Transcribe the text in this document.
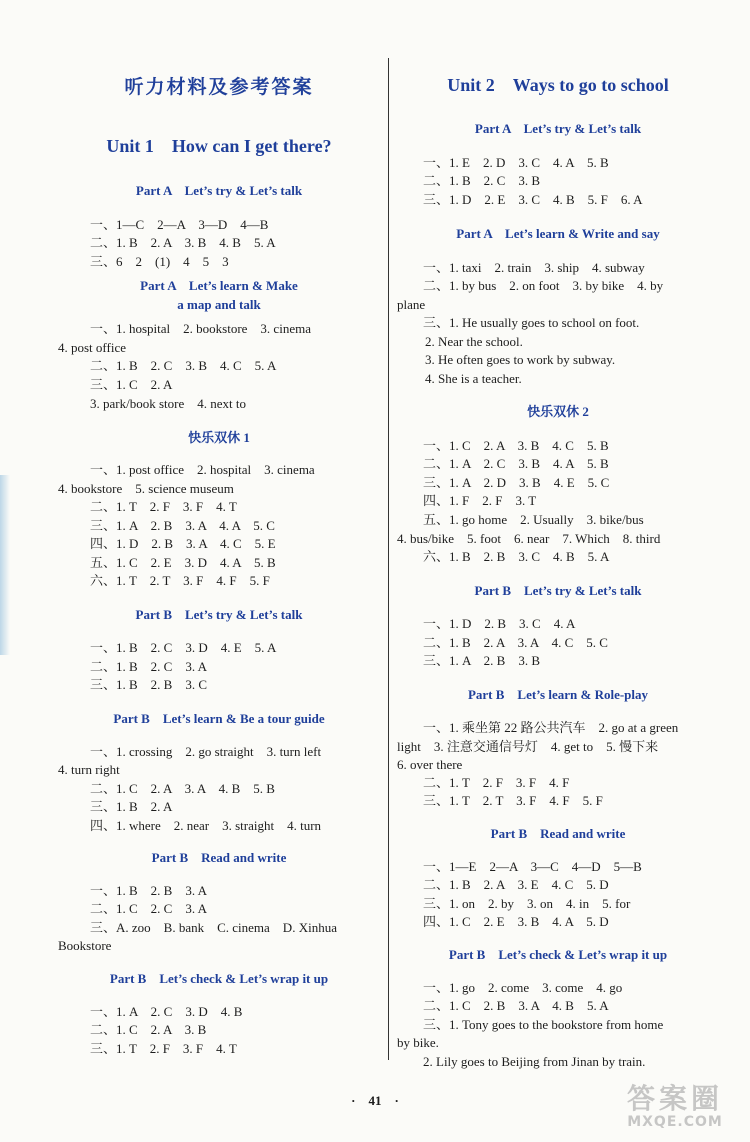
听力材料及参考答案
Unit 1　How can I get there?
Part A　Let’s try & Let’s talk
一、1—C　2—A　3—D　4—B
二、1. B　2. A　3. B　4. B　5. A
三、6　2　(1)　4　5　3
Part A　Let’s learn & Make
a map and talk
一、1. hospital　2. bookstore　3. cinema
4. post office
二、1. B　2. C　3. B　4. C　5. A
三、1. C　2. A
3. park/book store　4. next to
快乐双休 1
一、1. post office　2. hospital　3. cinema
4. bookstore　5. science museum
二、1. T　2. F　3. F　4. T
三、1. A　2. B　3. A　4. A　5. C
四、1. D　2. B　3. A　4. C　5. E
五、1. C　2. E　3. D　4. A　5. B
六、1. T　2. T　3. F　4. F　5. F
Part B　Let’s try & Let’s talk
一、1. B　2. C　3. D　4. E　5. A
二、1. B　2. C　3. A
三、1. B　2. B　3. C
Part B　Let’s learn & Be a tour guide
一、1. crossing　2. go straight　3. turn left
4. turn right
二、1. C　2. A　3. A　4. B　5. B
三、1. B　2. A
四、1. where　2. near　3. straight　4. turn
Part B　Read and write
一、1. B　2. B　3. A
二、1. C　2. C　3. A
三、A. zoo　B. bank　C. cinema　D. Xinhua
Bookstore
Part B　Let’s check & Let’s wrap it up
一、1. A　2. C　3. D　4. B
二、1. C　2. A　3. B
三、1. T　2. F　3. F　4. T
Unit 2　Ways to go to school
Part A　Let’s try & Let’s talk
一、1. E　2. D　3. C　4. A　5. B
二、1. B　2. C　3. B
三、1. D　2. E　3. C　4. B　5. F　6. A
Part A　Let’s learn & Write and say
一、1. taxi　2. train　3. ship　4. subway
二、1. by bus　2. on foot　3. by bike　4. by
plane
三、1. He usually goes to school on foot.
2. Near the school.
3. He often goes to work by subway.
4. She is a teacher.
快乐双休 2
一、1. C　2. A　3. B　4. C　5. B
二、1. A　2. C　3. B　4. A　5. B
三、1. A　2. D　3. B　4. E　5. C
四、1. F　2. F　3. T
五、1. go home　2. Usually　3. bike/bus
4. bus/bike　5. foot　6. near　7. Which　8. third
六、1. B　2. B　3. C　4. B　5. A
Part B　Let’s try & Let’s talk
一、1. D　2. B　3. C　4. A
二、1. B　2. A　3. A　4. C　5. C
三、1. A　2. B　3. B
Part B　Let’s learn & Role-play
一、1. 乘坐第 22 路公共汽车　2. go at a green
light　3. 注意交通信号灯　4. get to　5. 慢下来
6. over there
二、1. T　2. F　3. F　4. F
三、1. T　2. T　3. F　4. F　5. F
Part B　Read and write
一、1—E　2—A　3—C　4—D　5—B
二、1. B　2. A　3. E　4. C　5. D
三、1. on　2. by　3. on　4. in　5. for
四、1. C　2. E　3. B　4. A　5. D
Part B　Let’s check & Let’s wrap it up
一、1. go　2. come　3. come　4. go
二、1. C　2. B　3. A　4. B　5. A
三、1. Tony goes to the bookstore from home
by bike.
2. Lily goes to Beijing from Jinan by train.
·　41　·	答案圈
MXQE.COM
